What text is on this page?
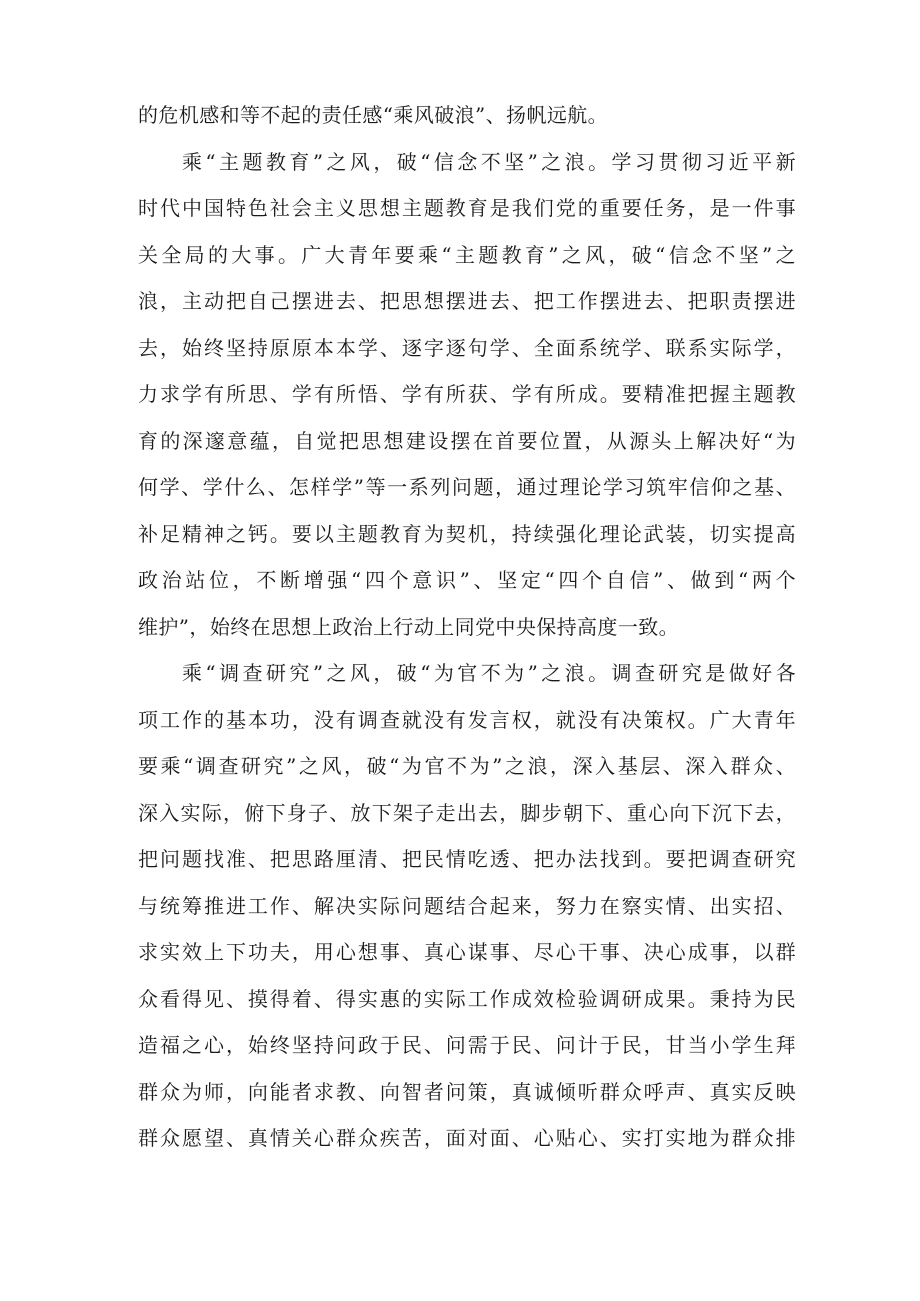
的危机感和等不起的责任感“乘风破浪”、扬帆远航。
乘“主题教育”之风，破“信念不坚”之浪。学习贯彻习近平新
时代中国特色社会主义思想主题教育是我们党的重要任务，是一件事
关全局的大事。广大青年要乘“主题教育”之风，破“信念不坚”之
浪，主动把自己摆进去、把思想摆进去、把工作摆进去、把职责摆进
去，始终坚持原原本本学、逐字逐句学、全面系统学、联系实际学，
力求学有所思、学有所悟、学有所获、学有所成。要精准把握主题教
育的深邃意蕴，自觉把思想建设摆在首要位置，从源头上解决好“为
何学、学什么、怎样学”等一系列问题，通过理论学习筑牢信仰之基、
补足精神之钙。要以主题教育为契机，持续强化理论武装，切实提高
政治站位，不断增强“四个意识”、坚定“四个自信”、做到“两个
维护”，始终在思想上政治上行动上同党中央保持高度一致。
乘“调查研究”之风，破“为官不为”之浪。调查研究是做好各
项工作的基本功，没有调查就没有发言权，就没有决策权。广大青年
要乘“调查研究”之风，破“为官不为”之浪，深入基层、深入群众、
深入实际，俯下身子、放下架子走出去，脚步朝下、重心向下沉下去，
把问题找准、把思路厘清、把民情吃透、把办法找到。要把调查研究
与统筹推进工作、解决实际问题结合起来，努力在察实情、出实招、
求实效上下功夫，用心想事、真心谋事、尽心干事、决心成事，以群
众看得见、摸得着、得实惠的实际工作成效检验调研成果。秉持为民
造福之心，始终坚持问政于民、问需于民、问计于民，甘当小学生拜
群众为师，向能者求教、向智者问策，真诚倾听群众呼声、真实反映
群众愿望、真情关心群众疾苦，面对面、心贴心、实打实地为群众排
